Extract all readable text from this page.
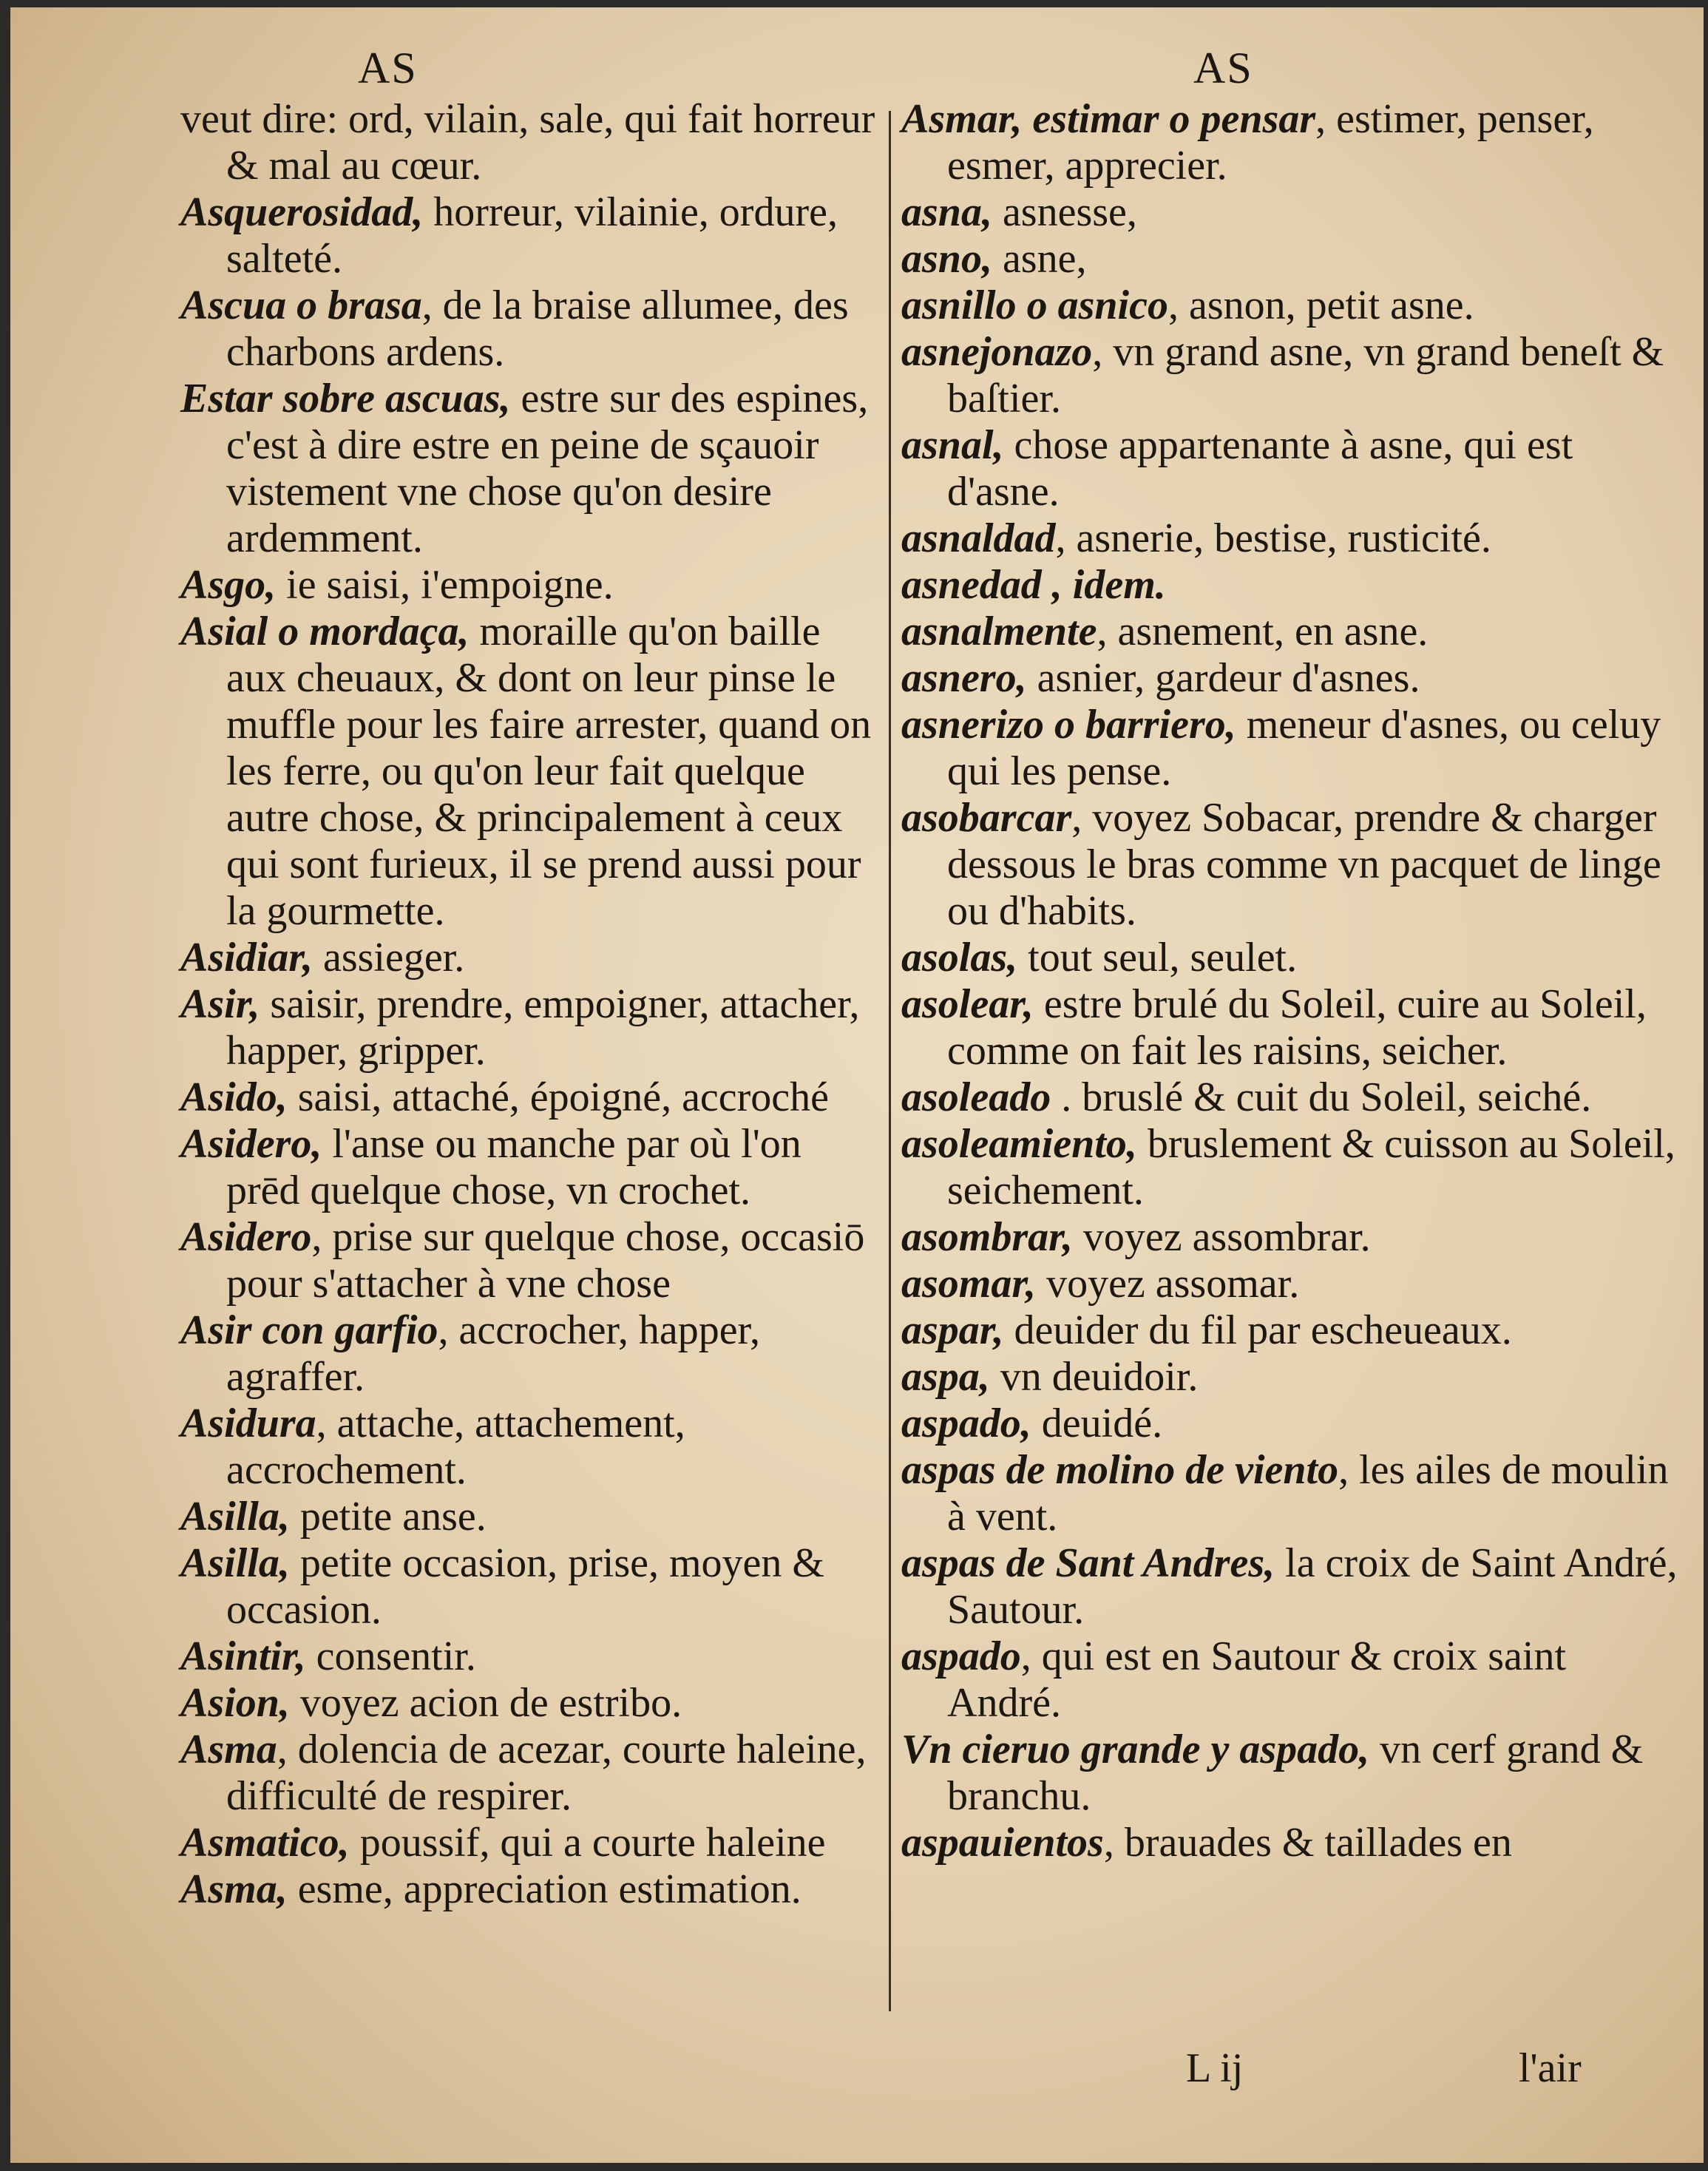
AS	AS
veut dire: ord, vilain, sale, qui fait horreur & mal au cœur.
Asquerosidad, horreur, vilainie, ordure, salteté.
Ascua o brasa, de la braise allumee, des charbons ardens.
Estar sobre ascuas, estre sur des espines, c'est à dire estre en peine de sçauoir vistement vne chose qu'on desire ardemment.
Asgo, ie saisi, i'empoigne.
Asial o mordaça, moraille qu'on baille aux cheuaux, & dont on leur pinse le muffle pour les faire arrester, quand on les ferre, ou qu'on leur fait quelque autre chose, & principalement à ceux qui sont furieux, il se prend aussi pour la gourmette.
Asidiar, assieger.
Asir, saisir, prendre, empoigner, attacher, happer, gripper.
Asido, saisi, attaché, époigné, accroché
Asidero, l'anse ou manche par où l'on prēd quelque chose, vn crochet.
Asidero, prise sur quelque chose, occasiō pour s'attacher à vne chose
Asir con garfio, accrocher, happer, agraffer.
Asidura, attache, attachement, accrochement.
Asilla, petite anse.
Asilla, petite occasion, prise, moyen & occasion.
Asintir, consentir.
Asion, voyez acion de estribo.
Asma, dolencia de acezar, courte haleine, difficulté de respirer.
Asmatico, poussif, qui a courte haleine
Asma, esme, appreciation estimation.
Asmar, estimar o pensar, estimer, penser, esmer, apprecier.
asna, asnesse,
asno, asne,
asnillo o asnico, asnon, petit asne.
asnejonazo, vn grand asne, vn grand beneſt & baſtier.
asnal, chose appartenante à asne, qui est d'asne.
asnaldad, asnerie, bestise, rusticité.
asnedad , idem.
asnalmente, asnement, en asne.
asnero, asnier, gardeur d'asnes.
asnerizo o barriero, meneur d'asnes, ou celuy qui les pense.
asobarcar, voyez Sobacar, prendre & charger dessous le bras comme vn pacquet de linge ou d'habits.
asolas, tout seul, seulet.
asolear, estre brulé du Soleil, cuire au Soleil, comme on fait les raisins, seicher.
asoleado . bruslé & cuit du Soleil, seiché.
asoleamiento, bruslement & cuisson au Soleil, seichement.
asombrar, voyez assombrar.
asomar, voyez assomar.
aspar, deuider du fil par escheueaux.
aspa, vn deuidoir.
aspado, deuidé.
aspas de molino de viento, les ailes de moulin à vent.
aspas de Sant Andres, la croix de Saint André, Sautour.
aspado, qui est en Sautour & croix saint André.
Vn cieruo grande y aspado, vn cerf grand & branchu.
aspauientos, brauades & taillades en
L ij	l'air
